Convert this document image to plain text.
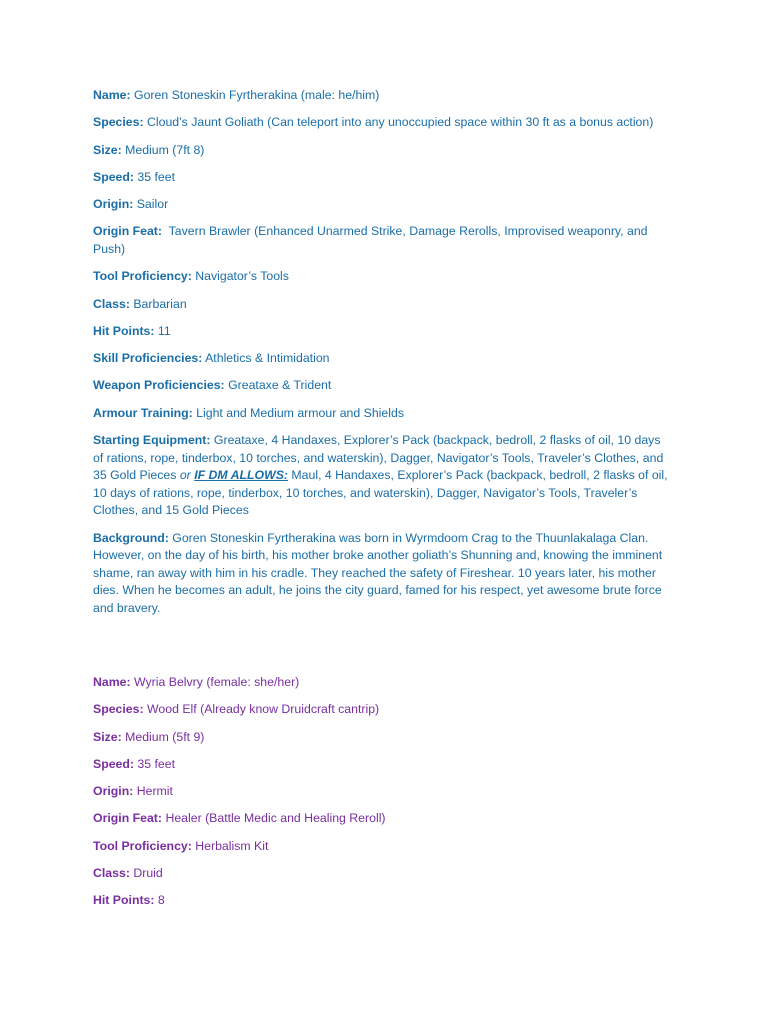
Name: Goren Stoneskin Fyrtherakina (male: he/him)

Species: Cloud’s Jaunt Goliath (Can teleport into any unoccupied space within 30 ft as a bonus action)

Size: Medium (7ft 8)

Speed: 35 feet

Origin: Sailor

Origin Feat: Tavern Brawler (Enhanced Unarmed Strike, Damage Rerolls, Improvised weaponry, and Push)

Tool Proficiency: Navigator’s Tools

Class: Barbarian

Hit Points: 11

Skill Proficiencies: Athletics & Intimidation

Weapon Proficiencies: Greataxe & Trident

Armour Training: Light and Medium armour and Shields

Starting Equipment: Greataxe, 4 Handaxes, Explorer’s Pack (backpack, bedroll, 2 flasks of oil, 10 days of rations, rope, tinderbox, 10 torches, and waterskin), Dagger, Navigator’s Tools, Traveler’s Clothes, and 35 Gold Pieces or IF DM ALLOWS: Maul, 4 Handaxes, Explorer’s Pack (backpack, bedroll, 2 flasks of oil, 10 days of rations, rope, tinderbox, 10 torches, and waterskin), Dagger, Navigator’s Tools, Traveler’s Clothes, and 15 Gold Pieces

Background: Goren Stoneskin Fyrtherakina was born in Wyrmdoom Crag to the Thuunlakalaga Clan. However, on the day of his birth, his mother broke another goliath’s Shunning and, knowing the imminent shame, ran away with him in his cradle. They reached the safety of Fireshear. 10 years later, his mother dies. When he becomes an adult, he joins the city guard, famed for his respect, yet awesome brute force and bravery.

Name: Wyria Belvry (female: she/her)

Species: Wood Elf (Already know Druidcraft cantrip)

Size: Medium (5ft 9)

Speed: 35 feet

Origin: Hermit

Origin Feat: Healer (Battle Medic and Healing Reroll)

Tool Proficiency: Herbalism Kit

Class: Druid

Hit Points: 8
